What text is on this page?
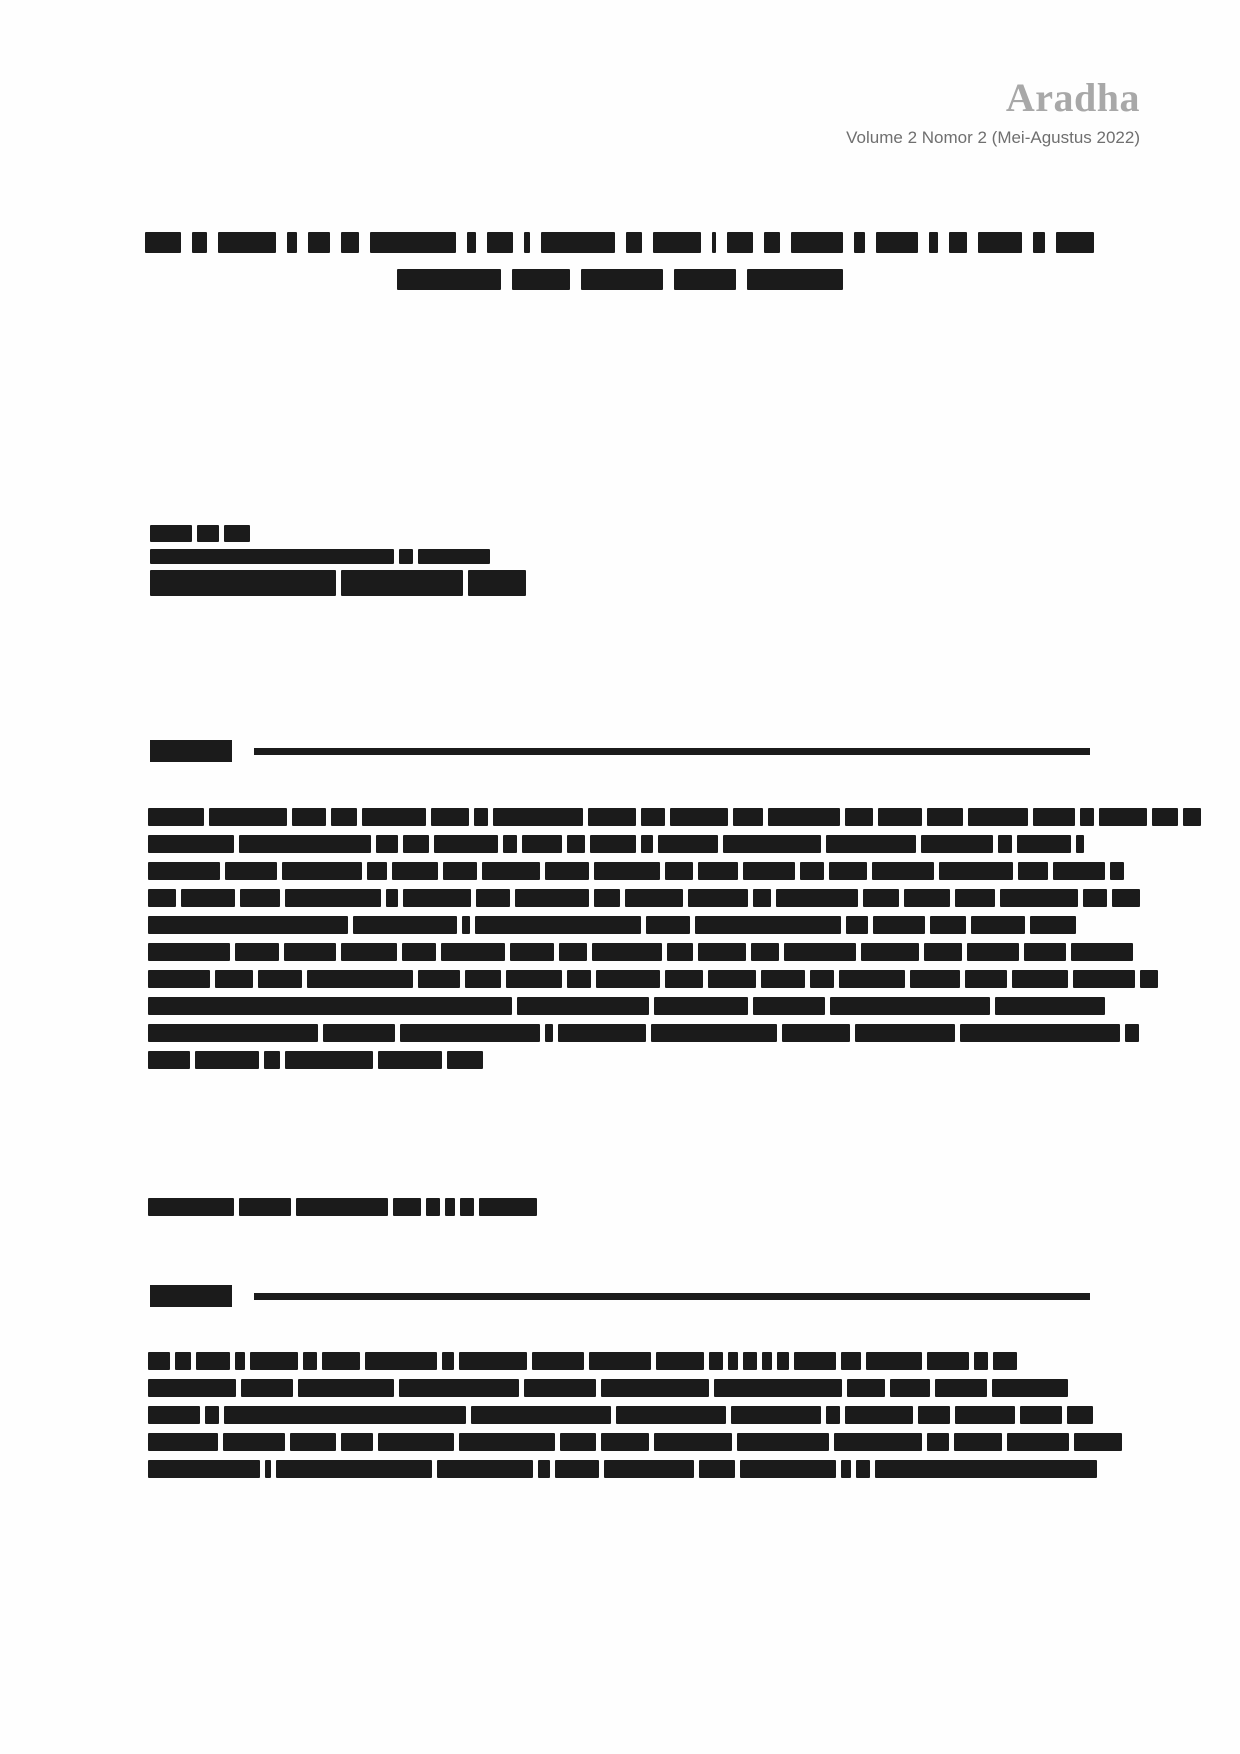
Aradha
Volume 2 Nomor 2 (Mei-Agustus 2022)
